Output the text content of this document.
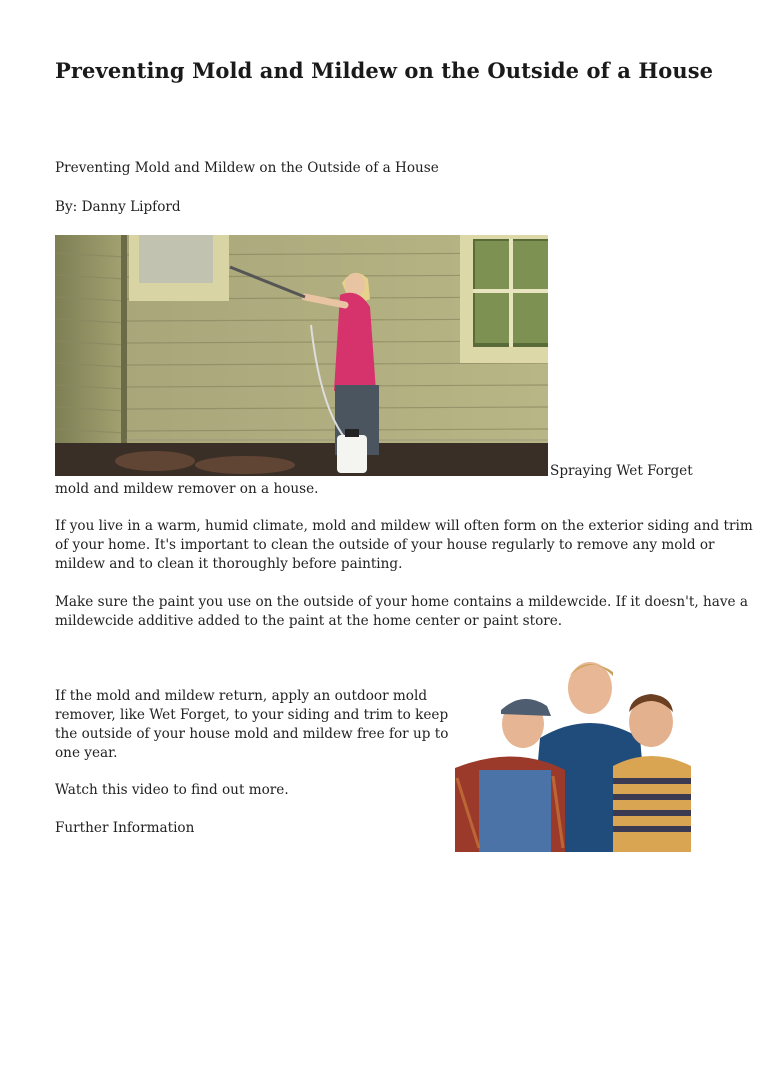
Preventing Mold and Mildew on the Outside of a House
Preventing Mold and Mildew on the Outside of a House
By: Danny Lipford
Spraying Wet Forget
mold and mildew remover on a house.
If you live in a warm, humid climate, mold and mildew will often form on the exterior siding and trim
of your home. It's important to clean the outside of your house regularly to remove any mold or
mildew and to clean it thoroughly before painting.
Make sure the paint you use on the outside of your home contains a mildewcide. If it doesn't, have a
mildewcide additive added to the paint at the home center or paint store.
If the mold and mildew return, apply an outdoor mold
remover, like Wet Forget, to your siding and trim to keep
the outside of your house mold and mildew free for up to
one year.
Watch this video to find out more.
Further Information
